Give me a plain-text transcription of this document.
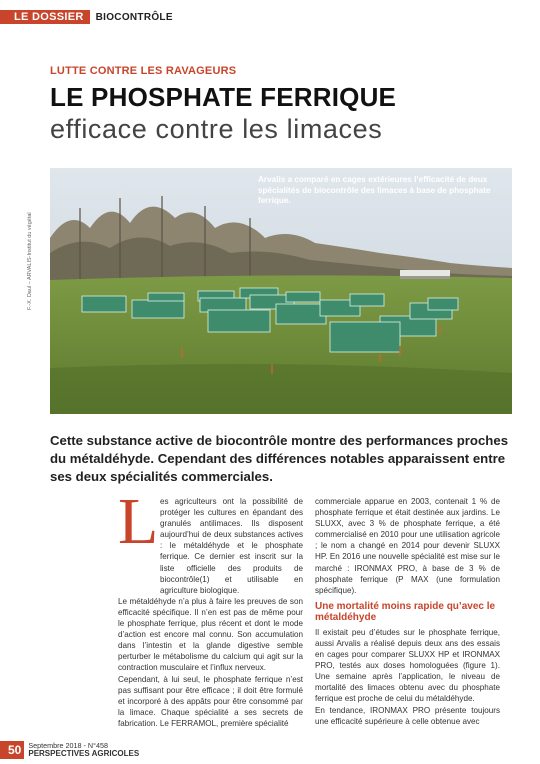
LE DOSSIER	BIOCONTRÔLE
LUTTE CONTRE LES RAVAGEURS
LE PHOSPHATE FERRIQUE
efficace contre les limaces
Arvalis a comparé en cages extérieures l’efficacité de deux spécialités de biocontrôle des limaces à base de phosphate ferrique.
F.-X. Daul – ARVALIS-Institut du végétal
Cette substance active de biocontrôle montre des performances proches du métaldéhyde. Cependant des différences notables apparaissent entre ses deux spécialités commerciales.
L es agriculteurs ont la possibilité de protéger les cultures en épandant des granulés antilimaces. Ils disposent aujourd’hui de deux substances actives : le métaldéhyde et le phosphate ferrique. Ce dernier est inscrit sur la liste officielle des produits de biocontrôle(1) et utilisable en agriculture biologique.

Le métaldéhyde n’a plus à faire les preuves de son efficacité spécifique. Il n’en est pas de même pour le phosphate ferrique, plus récent et dont le mode d’action est encore mal connu. Son accumulation dans l’intestin et la glande digestive semble perturber le métabolisme du calcium qui agit sur la contraction musculaire et l’influx nerveux.

Cependant, à lui seul, le phosphate ferrique n’est pas suffisant pour être efficace ; il doit être formulé et incorporé à des appâts pour être consommé par la limace. Chaque spécialité a ses secrets de fabrication. Le FERRAMOL, première spécialité

commerciale apparue en 2003, contenait 1 % de phosphate ferrique et était destinée aux jardins. Le SLUXX, avec 3 % de phosphate ferrique, a été commercialisé en 2010 pour une utilisation agricole ; le nom a changé en 2014 pour devenir SLUXX HP. En 2016 une nouvelle spécialité est mise sur le marché : IRONMAX PRO, à base de 3 % de phosphate ferrique (P MAX (une formulation spécifique).

Une mortalité moins rapide qu’avec le métaldéhyde

Il existait peu d’études sur le phosphate ferrique, aussi Arvalis a réalisé depuis deux ans des essais en cages pour comparer SLUXX HP et IRONMAX PRO, testés aux doses homologuées (figure 1). Une semaine après l’application, le niveau de mortalité des limaces obtenu avec du phosphate ferrique est proche de celui du métaldéhyde.

En tendance, IRONMAX PRO présente toujours une efficacité supérieure à celle obtenue avec

50 Septembre 2018 - N°458
PERSPECTIVES AGRICOLES
